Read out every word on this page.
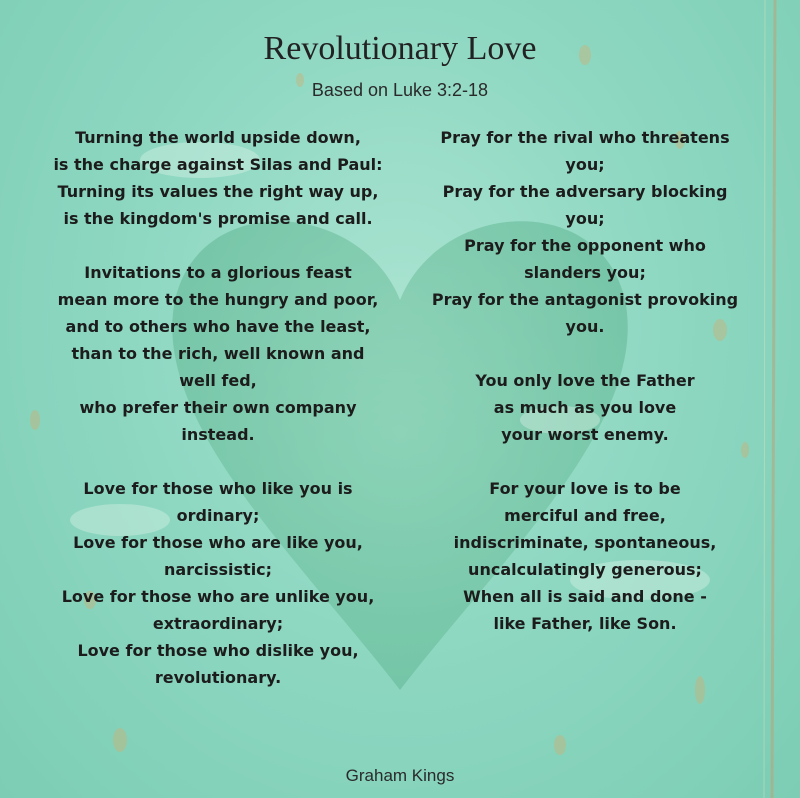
Revolutionary Love
Based on Luke 3:2-18
Turning the world upside down,
is the charge against Silas and Paul:
Turning its values the right way up,
is the kingdom's promise and call.
Invitations to a glorious feast
mean more to the hungry and poor,
and to others who have the least,
than to the rich, well known and
well fed,
who prefer their own company
instead.
Love for those who like you is
ordinary;
Love for those who are like you,
narcissistic;
Love for those who are unlike you,
extraordinary;
Love for those who dislike you,
revolutionary.
Pray for the rival who threatens
you;
Pray for the adversary blocking
you;
Pray for the opponent who
slanders you;
Pray for the antagonist provoking
you.
You only love the Father
as much as you love
your worst enemy.
For your love is to be
merciful and free,
indiscriminate, spontaneous,
uncalculatingly generous;
When all is said and done -
like Father, like Son.
Graham Kings
